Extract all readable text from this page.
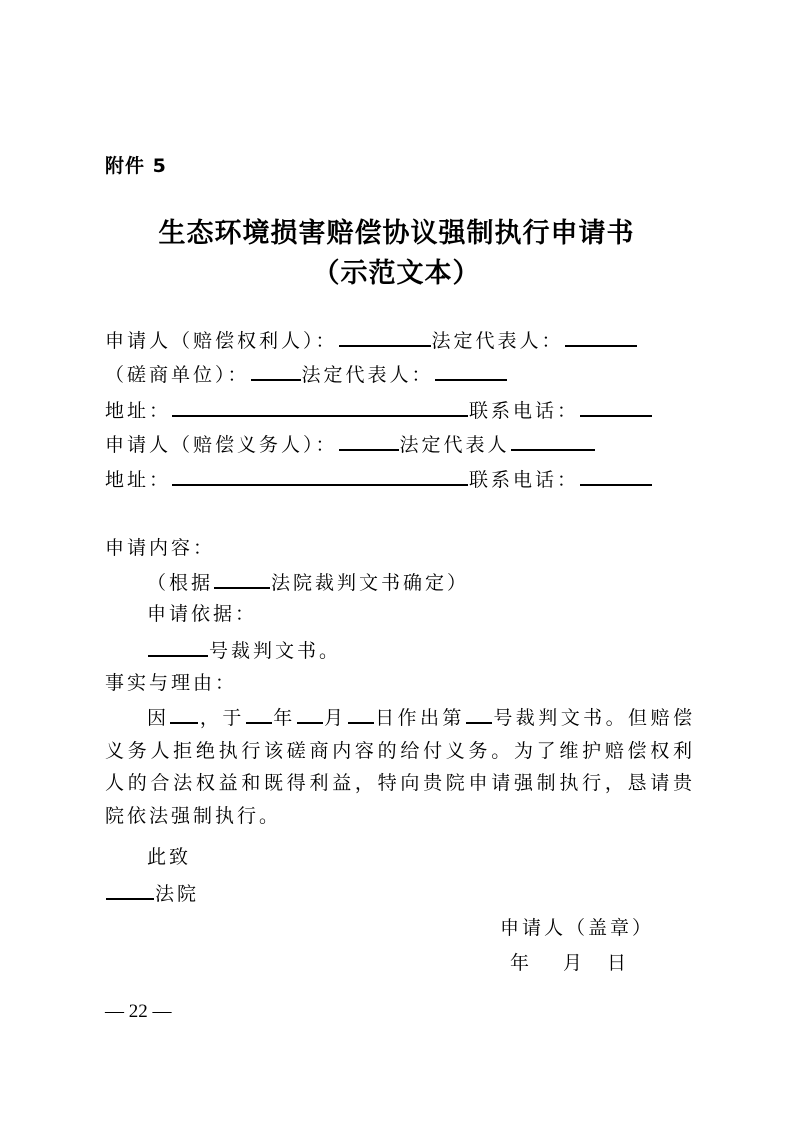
附件 5
生态环境损害赔偿协议强制执行申请书
（示范文本）
申请人（赔偿权利人）：	法定代表人：
（磋商单位）：	法定代表人：
地址：	联系电话：
申请人（赔偿义务人）：	法定代表人
地址：	联系电话：
申请内容：
（根据	法院裁判文书确定）
申请依据：
号裁判文书。
事实与理由：
因 ，于 年 月 日作出第 号裁判文书。但赔偿义务人拒绝执行该磋商内容的给付义务。为了维护赔偿权利人的合法权益和既得利益，特向贵院申请强制执行，恳请贵院依法强制执行。
此致
法院
申请人（盖章）
年　 月　日
— 22 —
